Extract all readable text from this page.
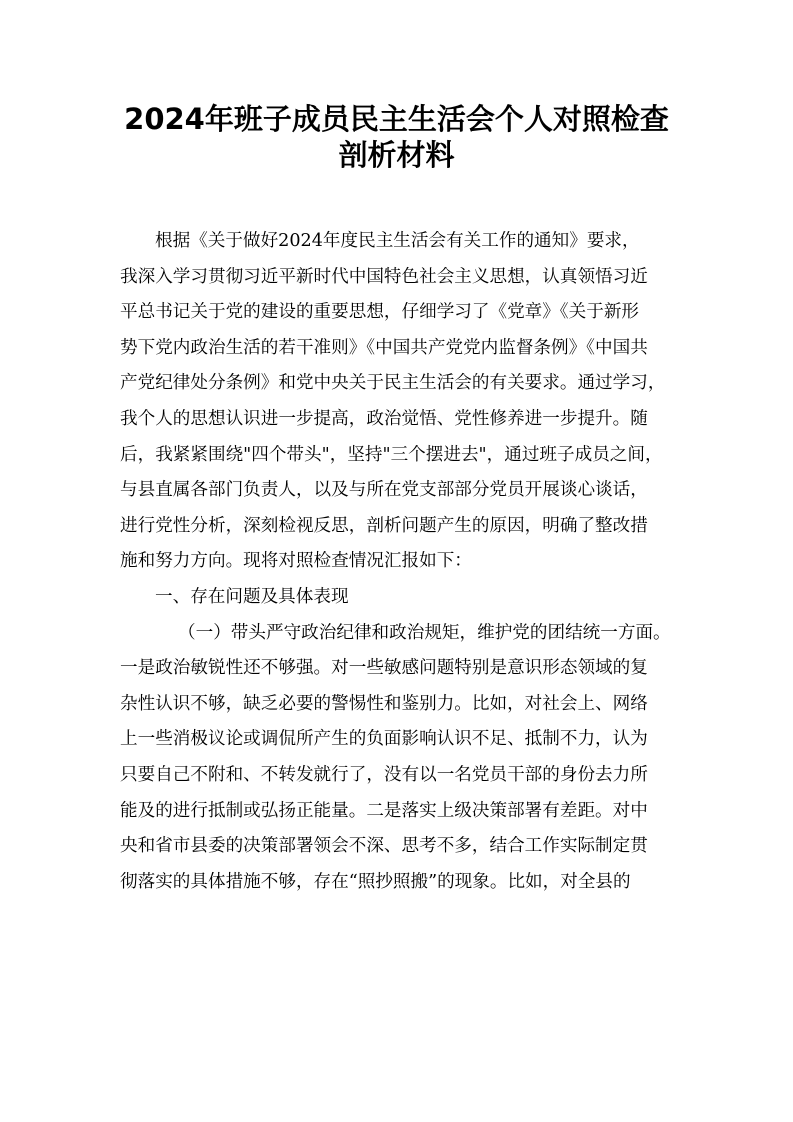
2024年班子成员民主生活会个人对照检查
剖析材料
根据《关于做好2024年度民主生活会有关工作的通知》要求，
我深入学习贯彻习近平新时代中国特色社会主义思想，认真领悟习近
平总书记关于党的建设的重要思想，仔细学习了《党章》《关于新形
势下党内政治生活的若干准则》《中国共产党党内监督条例》《中国共
产党纪律处分条例》和党中央关于民主生活会的有关要求。通过学习，
我个人的思想认识进一步提高，政治觉悟、党性修养进一步提升。随
后，我紧紧围绕"四个带头"，坚持"三个摆进去"，通过班子成员之间，
与县直属各部门负责人，以及与所在党支部部分党员开展谈心谈话，
进行党性分析，深刻检视反思，剖析问题产生的原因，明确了整改措
施和努力方向。现将对照检查情况汇报如下：
一、存在问题及具体表现
（一）带头严守政治纪律和政治规矩，维护党的团结统一方面。
一是政治敏锐性还不够强。对一些敏感问题特别是意识形态领域的复
杂性认识不够，缺乏必要的警惕性和鉴别力。比如，对社会上、网络
上一些消极议论或调侃所产生的负面影响认识不足、抵制不力，认为
只要自己不附和、不转发就行了，没有以一名党员干部的身份去力所
能及的进行抵制或弘扬正能量。二是落实上级决策部署有差距。对中
央和省市县委的决策部署领会不深、思考不多，结合工作实际制定贯
彻落实的具体措施不够，存在“照抄照搬”的现象。比如，对全县的
